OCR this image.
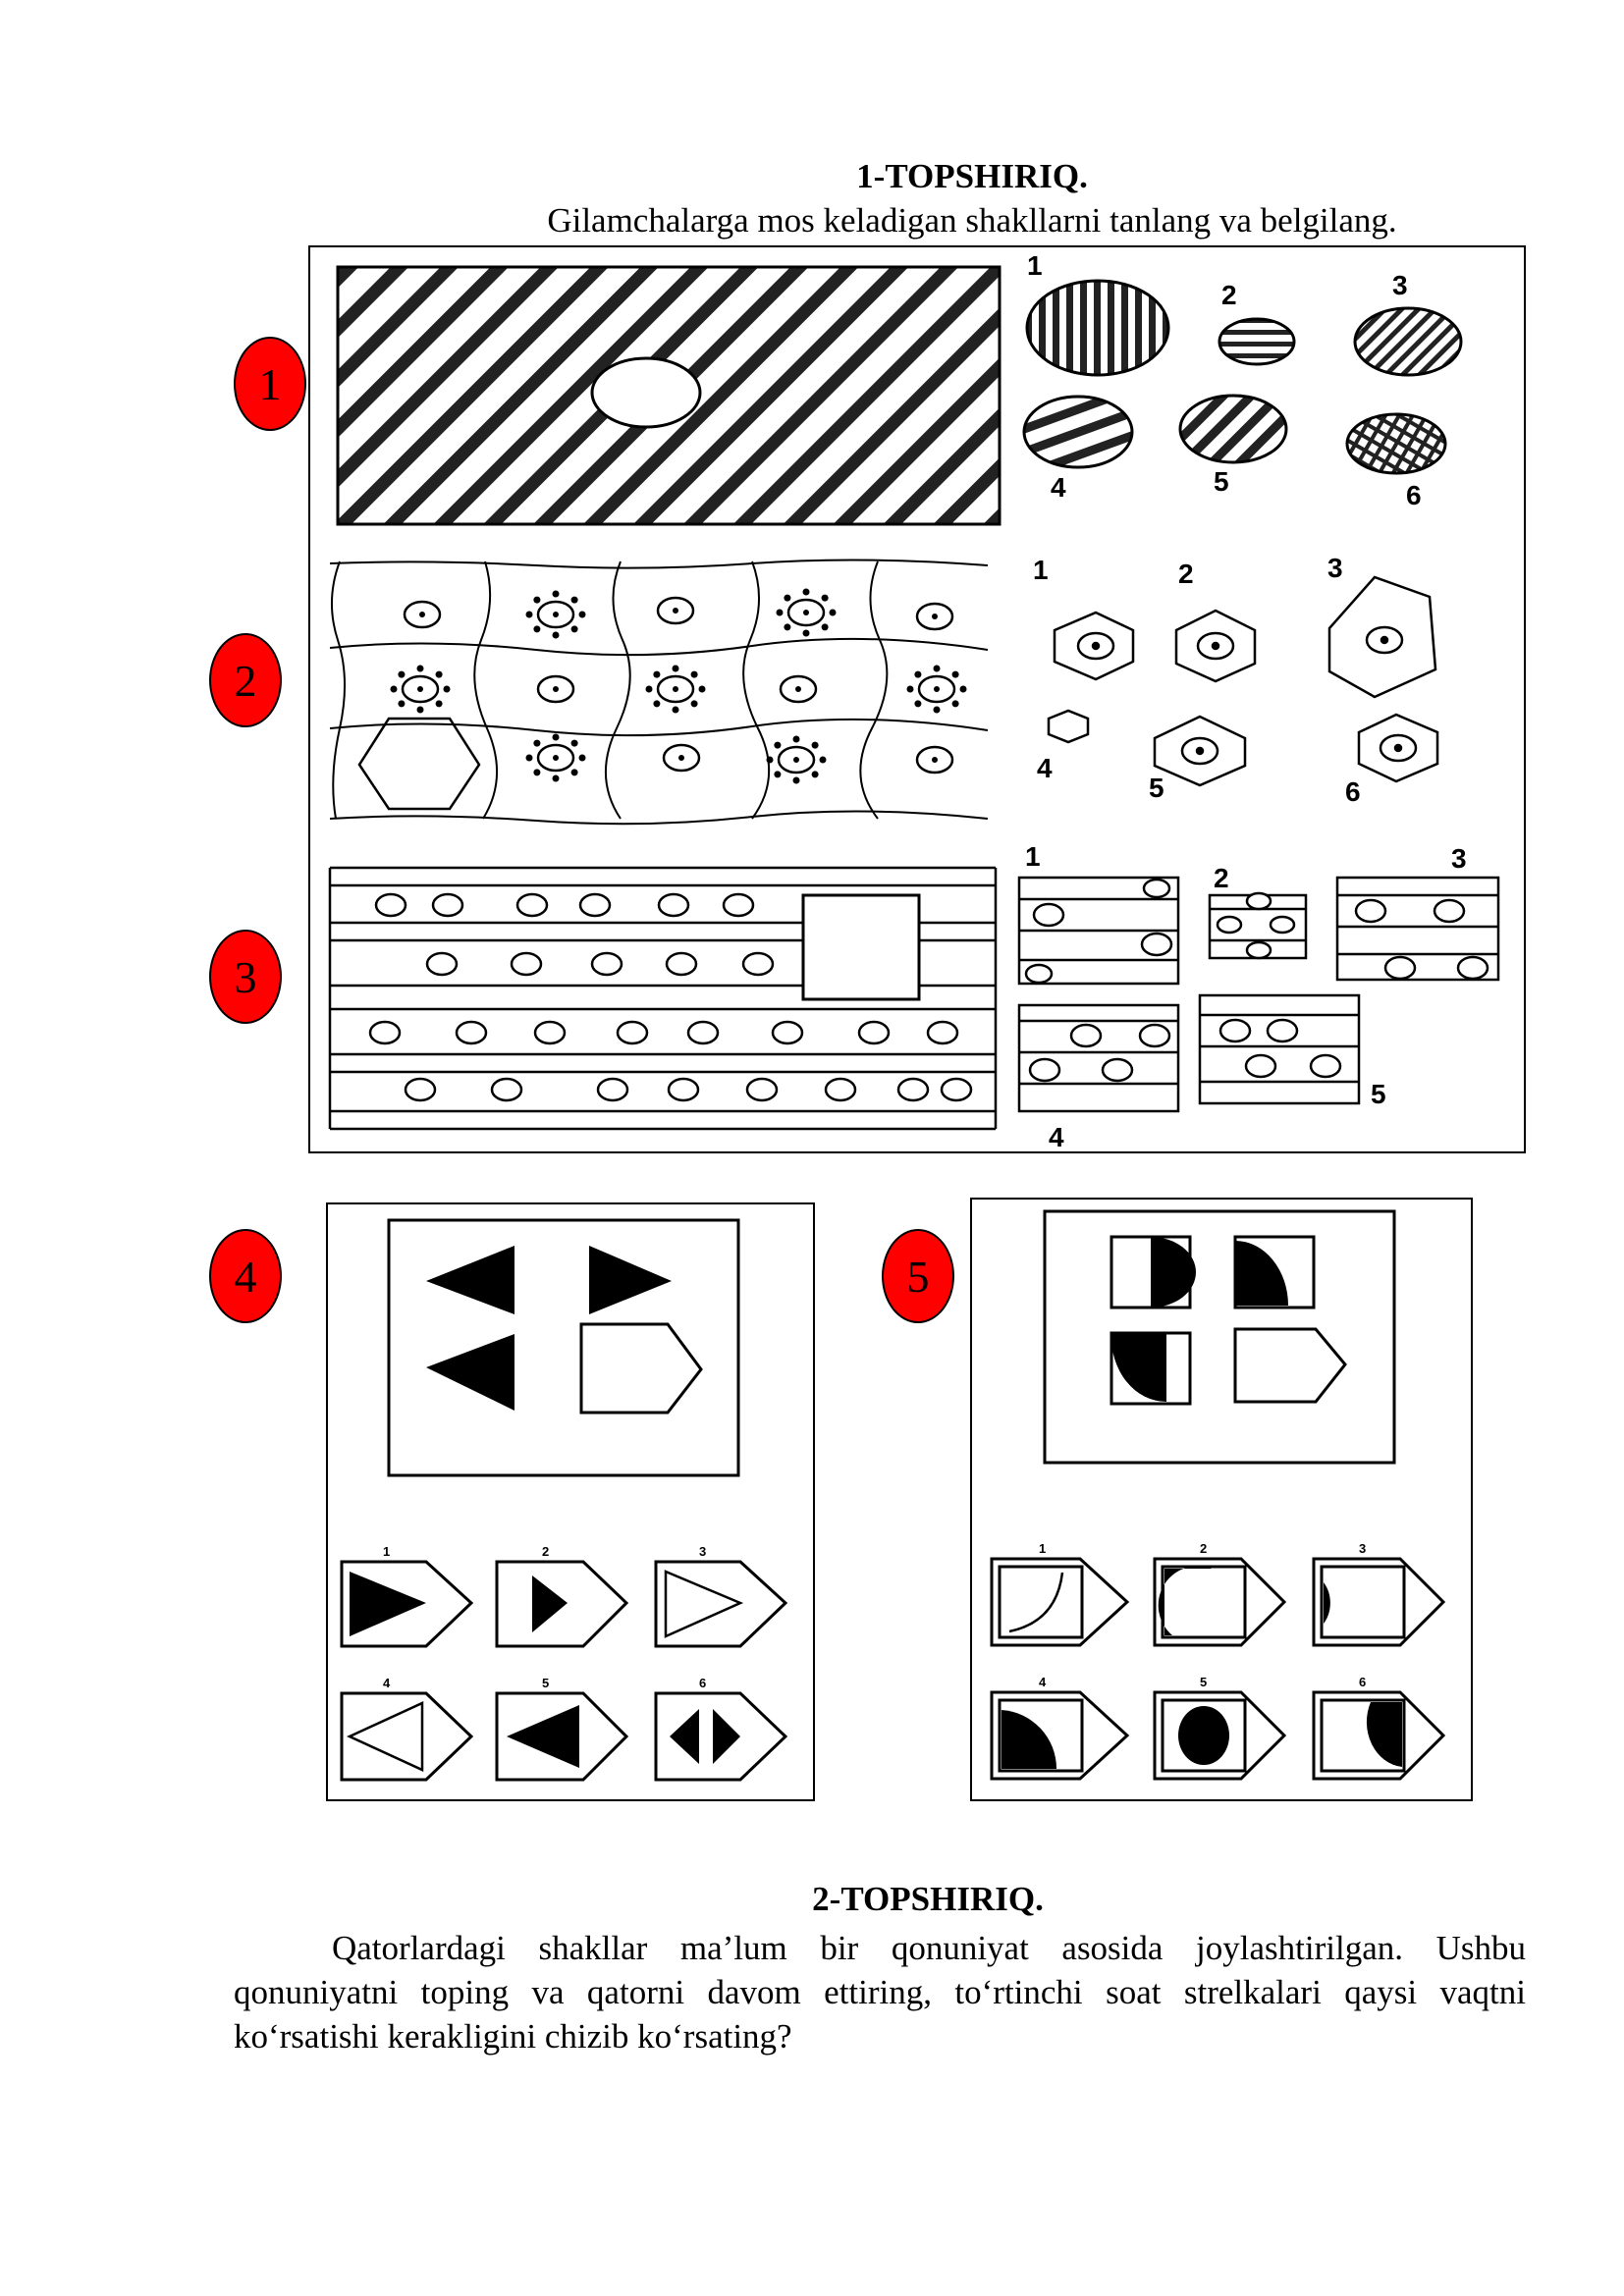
1-TOPSHIRIQ.
Gilamchalarga mos keladigan shakllarni tanlang va belgilang.
1
2
3
4	5
1
2	3
4	5	6
1	2	3
4
5	6
1
2
3
4
5
1	2	3
4	5	6
1	2	3
4	5	6
2-TOPSHIRIQ.
Qatorlardagi shakllar ma’lum bir qonuniyat asosida joylashtirilgan. Ushbu qonuniyatni toping va qatorni davom ettiring, to‘rtinchi soat strelkalari qaysi vaqtni ko‘rsatishi kerakligini chizib ko‘rsating?
